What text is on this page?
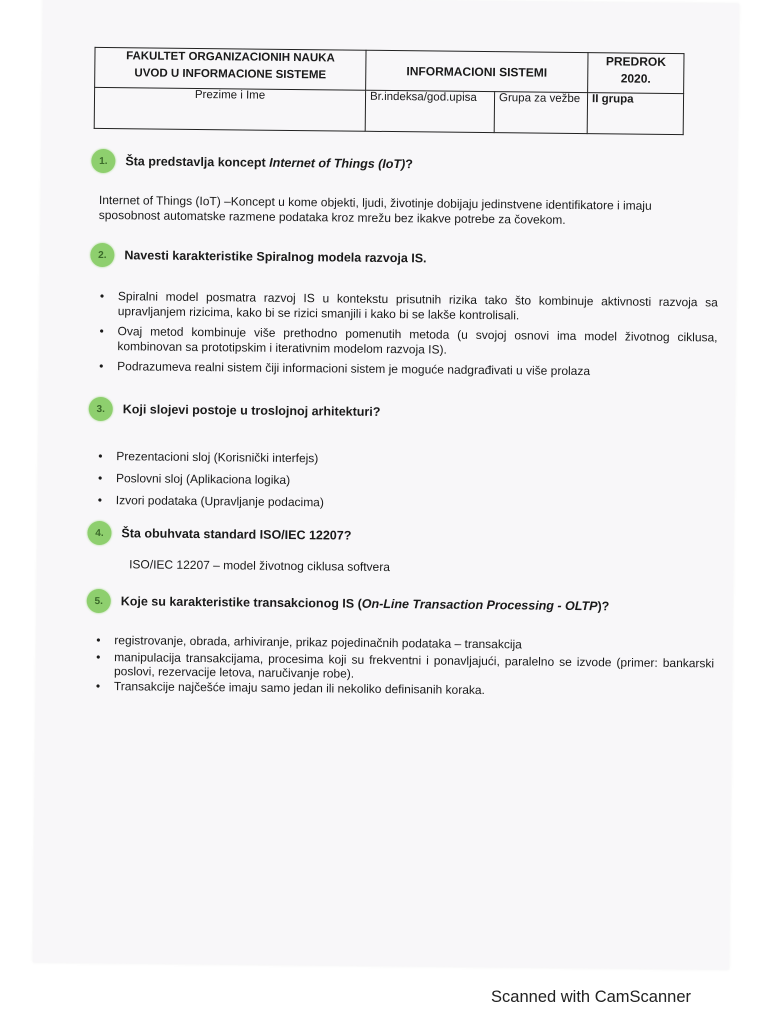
FAKULTET ORGANIZACIONIH NAUKA
UVOD U INFORMACIONE SISTEME	INFORMACIONI SISTEMI		PREDROK
2020.

Prezime i Ime	Br.indeksa/god.upisa	Grupa za vežbe	II grupa
1.	Šta predstavlja koncept Internet of Things (IoT)?
Internet of Things (IoT) –Koncept u kome objekti, ljudi, životinje dobijaju jedinstvene identifikatore i imaju sposobnost automatske razmene podataka kroz mrežu bez ikakve potrebe za čovekom.
2.	Navesti karakteristike Spiralnog modela razvoja IS.
• Spiralni model posmatra razvoj IS u kontekstu prisutnih rizika tako što kombinuje aktivnosti razvoja sa upravljanjem rizicima, kako bi se rizici smanjili i kako bi se lakše kontrolisali.
• Ovaj metod kombinuje više prethodno pomenutih metoda (u svojoj osnovi ima model životnog ciklusa, kombinovan sa prototipskim i iterativnim modelom razvoja IS).
• Podrazumeva realni sistem čiji informacioni sistem je moguće nadgrađivati u više prolaza
3.	Koji slojevi postoje u troslojnoj arhitekturi?
• Prezentacioni sloj (Korisnički interfejs)
• Poslovni sloj (Aplikaciona logika)
• Izvori podataka (Upravljanje podacima)
4.	Šta obuhvata standard ISO/IEC 12207?
ISO/IEC 12207 – model životnog ciklusa softvera
5.	Koje su karakteristike transakcionog IS (On-Line Transaction Processing - OLTP)?
• registrovanje, obrada, arhiviranje, prikaz pojedinačnih podataka – transakcija
• manipulacija transakcijama, procesima koji su frekventni i ponavljajući, paralelno se izvode (primer: bankarski poslovi, rezervacije letova, naručivanje robe).
• Transakcije najčešće imaju samo jedan ili nekoliko definisanih koraka.
Scanned with CamScanner
